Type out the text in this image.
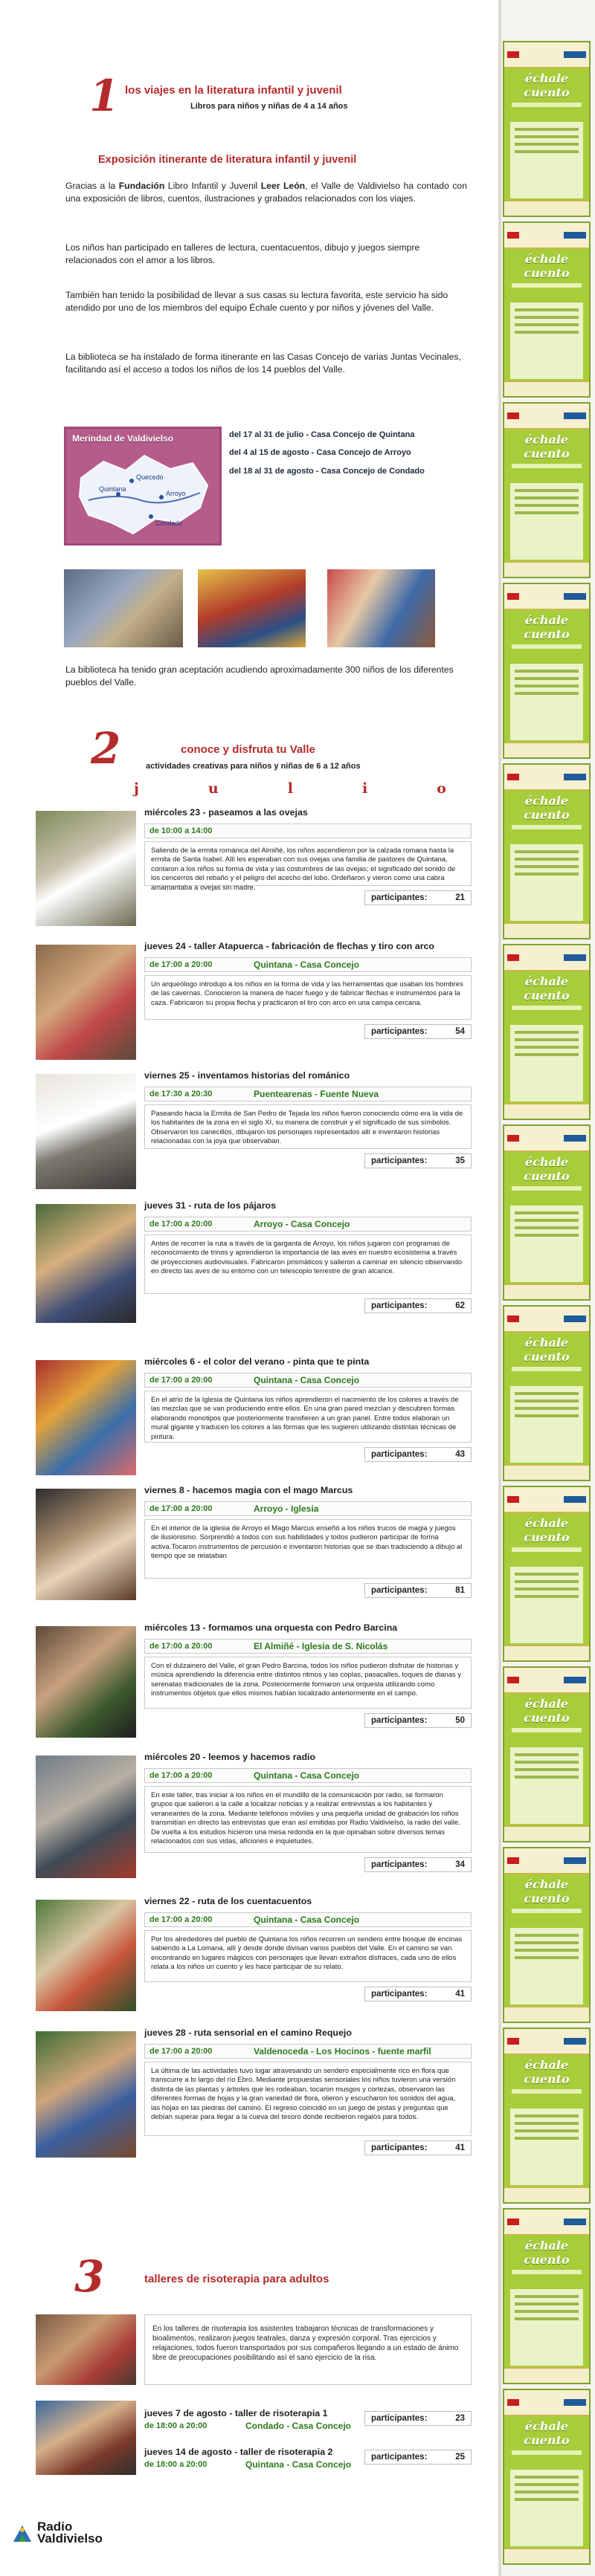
échale cuento
échale cuento
échale cuento
échale cuento
échale cuento
échale cuento
échale cuento
échale cuento
échale cuento
échale cuento
échale cuento
échale cuento
échale cuento
échale cuento
1 los viajes en la literatura infantil y juvenil
Libros para niños y niñas de 4 a 14 años
Exposición itinerante de literatura infantil y juvenil
Gracias a la Fundación Libro Infantil y Juvenil Leer León, el Valle de Valdivielso ha contado con una exposición de libros, cuentos, ilustraciones y grabados relacionados con los viajes.
Los niños han participado en talleres de lectura, cuentacuentos, dibujo y juegos siempre relacionados con el amor a los libros.
También han tenido la posibilidad de llevar a sus casas su lectura favorita, este servicio ha sido atendido por uno de los miembros del equipo Échale cuento y por niños y jóvenes del Valle.
La biblioteca se ha instalado de forma itinerante en las Casas Concejo de varias Juntas Vecinales, facilitando así el acceso a todos los niños de los 14 pueblos del Valle.
Merindad de Valdivielso
Quecedo
Quintana
Arroyo
Condado
del 17 al 31 de julio - Casa Concejo de Quintana
del 4 al 15 de agosto - Casa Concejo de Arroyo
del 18 al 31 de agosto - Casa Concejo de Condado
La biblioteca ha tenido gran aceptación acudiendo aproximadamente 300 niños de los diferentes pueblos del Valle.
2	conoce y disfruta tu Valle
actividades creativas para niños y niñas de 6 a 12 años
j	u	l	i	o
miércoles 23 - paseamos a las ovejas
de 10:00 a 14:00
Saliendo de la ermita románica del Almiñé, los niños ascendieron por la calzada romana hasta la ermita de Santa Isabel. Allí les esperaban con sus ovejas una familia de pastores de Quintana, contaron a los niños su forma de vida y las costumbres de las ovejas; el significado del sonido de los cencerros del rebaño y el peligro del acecho del lobo. Ordeñaron y vieron como una cabra amamantaba a ovejas sin madre.
participantes:	21
jueves 24 - taller Atapuerca - fabricación de flechas y tiro con arco
de 17:00 a 20:00	Quintana - Casa Concejo
Un arqueólogo introdujo a los niños en la forma de vida y las herramientas que usaban los hombres de las cavernas. Conocieron la manera de hacer fuego y de fabricar flechas e instrumentos para la caza. Fabricaron su propia flecha y practicaron el tiro con arco en una campa cercana.
participantes:	54
viernes 25 - inventamos historias del románico
de 17:30 a 20:30	Puentearenas - Fuente Nueva
Paseando hacia la Ermita de San Pedro de Tejada los niños fueron conociendo cómo era la vida de los habitantes de la zona en el siglo XI, su manera de construir y el significado de sus símbolos. Observaron los canecillos, dibujaron los personajes representados allí e inventaron historias relacionadas con la joya que observaban.
participantes:	35
jueves 31 - ruta de los pájaros
de 17:00 a 20:00	Arroyo - Casa Concejo
Antes de recorrer la ruta a través de la garganta de Arroyo, los niños jugaron con programas de reconocimiento de trinos y aprendieron la importancia de las aves en nuestro ecosistema a través de proyecciones audiovisuales. Fabricaron prismáticos y salieron a caminar en silencio observando en directo las aves de su entorno con un telescopio terrestre de gran alcance.
participantes:	62
miércoles 6 - el color del verano - pinta que te pinta
de 17:00 a 20:00	Quintana - Casa Concejo
En el atrio de la Iglesia de Quintana los niños aprendieron el nacimiento de los colores a través de las mezclas que se van produciendo entre ellos. En una gran pared mezclan y descubren formas elaborando monotipos que posteriormente transfieren a un gran panel. Entre todos elaboran un mural gigante y traducen los colores a las formas que les sugieren utilizando distintas técnicas de pintura.
participantes:	43
viernes 8 - hacemos magia con el mago Marcus
de 17:00 a 20:00	Arroyo - Iglesia
En el interior de la iglesia de Arroyo el Mago Marcus enseñó a los niños trucos de magia y juegos de ilusionismo. Sorprendió a todos con sus habilidades y todos pudieron participar de forma activa.Tocaron instrumentos de percusión e inventaron historias que se iban traduciendo a dibujo al tiempo que se relataban
participantes:	81
miércoles 13 - formamos una orquesta con Pedro Barcina
de 17:00 a 20:00	El Almiñé - Iglesia de S. Nicolás
Con el dulzainero del Valle, el gran Pedro Barcina, todos los niños pudieron disfrutar de historias y música aprendiendo la diferencia entre distintos ritmos y las coplas, pasacalles, toques de dianas y serenatas tradicionales de la zona. Posteriormente formaron una orquesta utilizando como instrumentos objetos que ellos mismos habían localizado anteriormente en el campo.
participantes:	50
miércoles 20 - leemos y hacemos radio
de 17:00 a 20:00	Quintana - Casa Concejo
En este taller, tras iniciar a los niños en el mundillo de la comunicación por radio, se formaron grupos que salieron a la calle a localizar noticias y a realizar entrevistas a los habitantes y veraneantes de la zona. Mediante teléfonos móviles y una pequeña unidad de grabación los niños transmitían en directo las entrevistas que eran así emitidas por Radio Valdivielso, la radio del valle. De vuelta a los estudios hicieron una mesa redonda en la que opinaban sobre diversos temas relacionados con sus vidas, aficiones e inquietudes.
participantes:	34
viernes 22 - ruta de los cuentacuentos
de 17:00 a 20:00	Quintana - Casa Concejo
Por los alrededores del pueblo de Quintana los niños recorren un sendero entre bosque de encinas sabiendo a La Lomana, allí y desde donde divisan varios pueblos del Valle. En el camino se van encontrando en lugares mágicos con personajes que llevan extraños disfraces, cada uno de ellos relata a los niños un cuento y les hace participar de su relato.
participantes:	41
jueves 28 - ruta sensorial en el camino Requejo
de 17:00 a 20:00	Valdenoceda - Los Hocinos - fuente marfil
La última de las actividades tuvo lugar atravesando un sendero especialmente rico en flora que transcurre a lo largo del río Ebro. Mediante propuestas sensoriales los niños tuvieron una versión distinta de las plantas y árboles que les rodeaban, tocaron musgos y cortezas, observaron las diferentes formas de hojas y la gran variedad de flora, olieron y escucharon los sonidos del agua, las hojas en las piedras del camino. El regreso coincidió en un juego de pistas y preguntas que debían superar para llegar a la cueva del tesoro donde recibieron regalos para todos.
participantes:	41
3	talleres de risoterapia para adultos
En los talleres de risoterapia los asistentes trabajaron técnicas de transformaciones y bioalimentos, realizaron juegos teatrales, danza y expresión corporal. Tras ejercicios y relajaciones, todos fueron transportados por sus compañeros llegando a un estado de ánimo libre de preocupaciones posibilitando así el sano ejercicio de la risa.
jueves 7 de agosto - taller de risoterapia 1
de 18:00 a 20:00	Condado - Casa Concejo
participantes:	23
jueves 14 de agosto - taller de risoterapia 2
de 18:00 a 20:00	Quintana - Casa Concejo
participantes:	25
Radio
Valdivielso
